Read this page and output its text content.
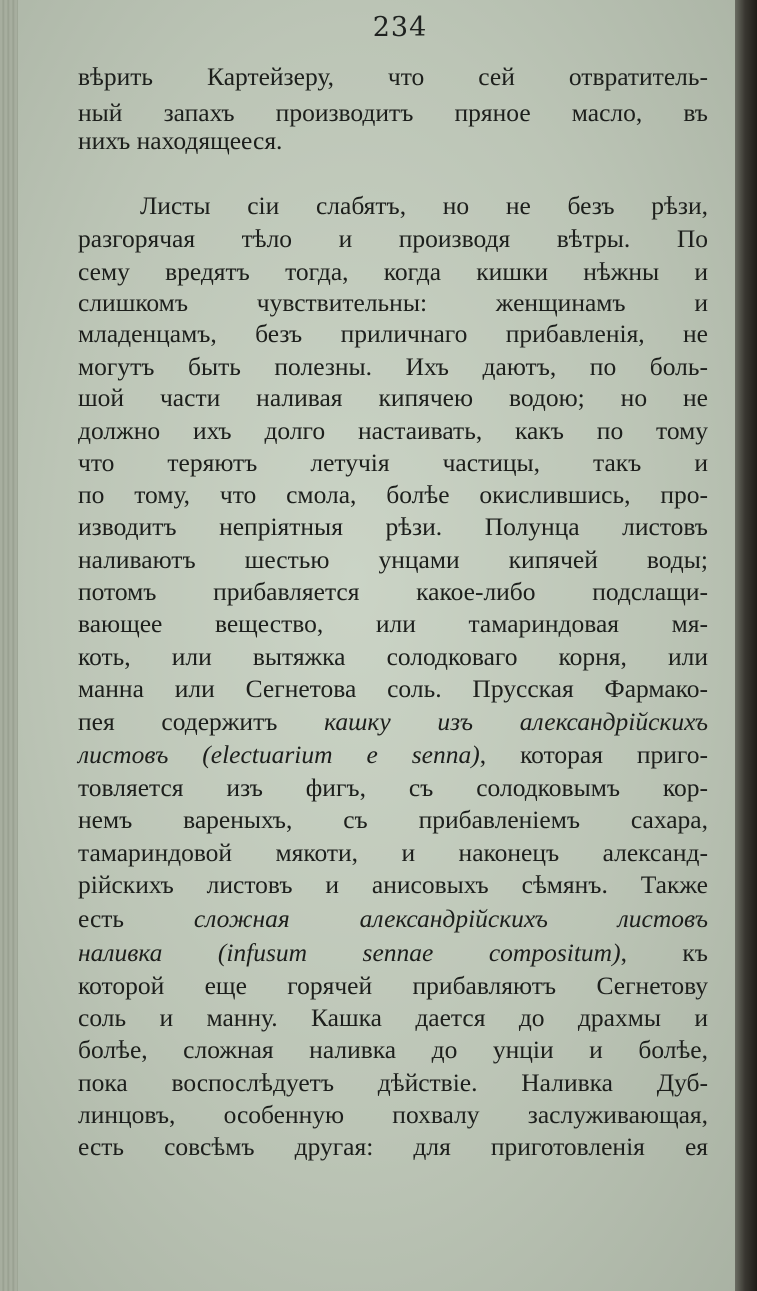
234
вѣрить Картейзеру, что сей отвратитель-
ный запахъ производитъ пряное масло, въ
нихъ находящееся.
Листы сіи слабятъ, но не безъ рѣзи,
разгорячая тѣло и производя вѣтры. По
сему вредятъ тогда, когда кишки нѣжны и
слишкомъ чувствительны: женщинамъ и
младенцамъ, безъ приличнаго прибавленія, не
могутъ быть полезны. Ихъ даютъ, по боль-
шой части наливая кипячею водою; но не
должно ихъ долго настаивать, какъ по тому
что теряютъ летучія частицы, такъ и
по тому, что смола, болѣе окислившись, про-
изводитъ непріятныя рѣзи. Полунца листовъ
наливаютъ шестью унцами кипячей воды;
потомъ прибавляется какое-либо подслащи-
вающее вещество, или тамариндовая мя-
коть, или вытяжка солодковаго корня, или
манна или Сегнетова соль. Прусская Фармако-
пея содержитъ кашку изъ александрійскихъ
листовъ (electuarium e senna), которая приго-
товляется изъ фигъ, съ солодковымъ кор-
немъ вареныхъ, съ прибавленіемъ сахара,
тамариндовой мякоти, и наконецъ александ-
рійскихъ листовъ и анисовыхъ сѣмянъ. Также
есть сложная александрійскихъ листовъ
наливка (infusum sennae compositum), къ
которой еще горячей прибавляютъ Сегнетову
соль и манну. Кашка дается до драхмы и
болѣе, сложная наливка до унціи и болѣе,
пока воспослѣдуетъ дѣйствіе. Наливка Дуб-
линцовъ, особенную похвалу заслуживающая,
есть совсѣмъ другая: для приготовленія ея
